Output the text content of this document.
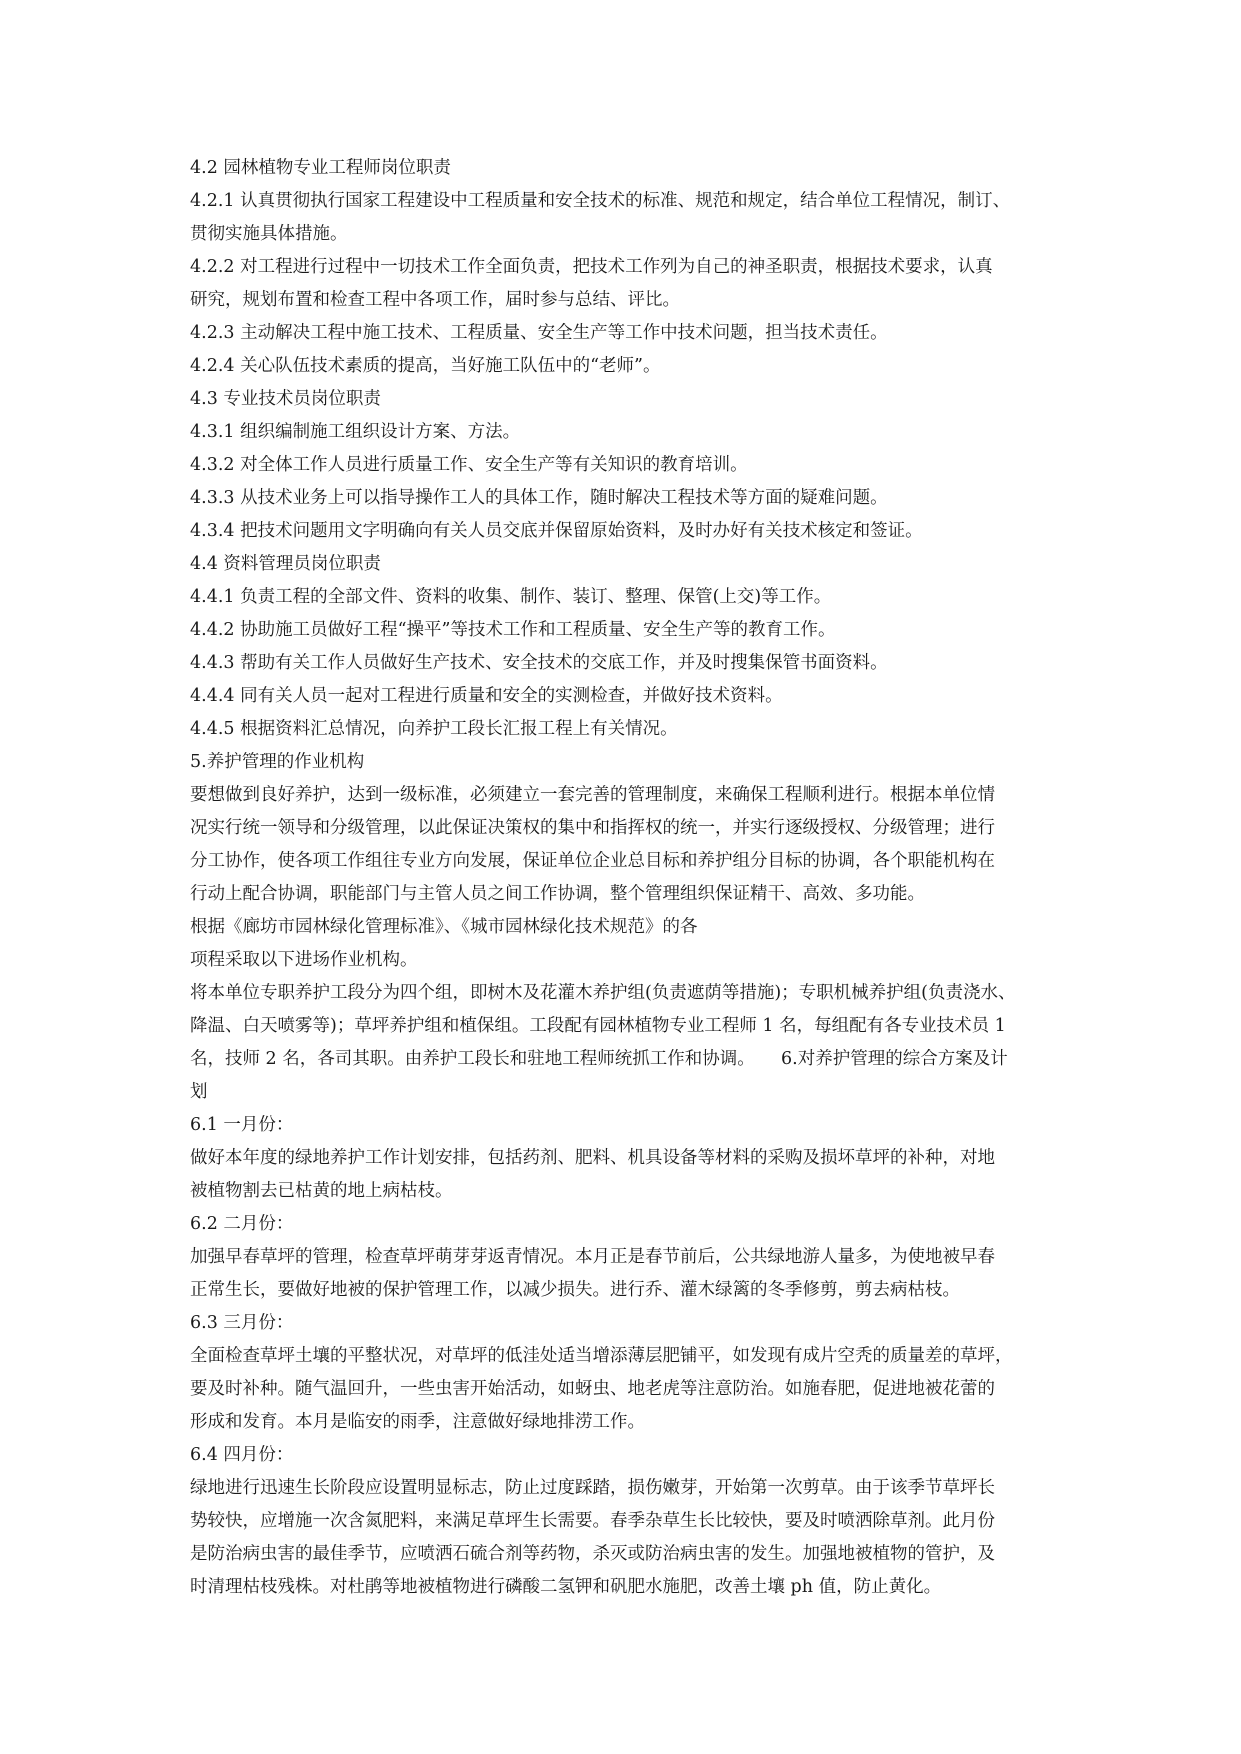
4.2 园林植物专业工程师岗位职责
4.2.1 认真贯彻执行国家工程建设中工程质量和安全技术的标准、规范和规定，结合单位工程情况，制订、
贯彻实施具体措施。
4.2.2 对工程进行过程中一切技术工作全面负责，把技术工作列为自己的神圣职责，根据技术要求，认真
研究，规划布置和检查工程中各项工作，届时参与总结、评比。
4.2.3 主动解决工程中施工技术、工程质量、安全生产等工作中技术问题，担当技术责任。
4.2.4 关心队伍技术素质的提高，当好施工队伍中的“老师”。
4.3 专业技术员岗位职责
4.3.1 组织编制施工组织设计方案、方法。
4.3.2 对全体工作人员进行质量工作、安全生产等有关知识的教育培训。
4.3.3 从技术业务上可以指导操作工人的具体工作，随时解决工程技术等方面的疑难问题。
4.3.4 把技术问题用文字明确向有关人员交底并保留原始资料，及时办好有关技术核定和签证。
4.4 资料管理员岗位职责
4.4.1 负责工程的全部文件、资料的收集、制作、装订、整理、保管(上交)等工作。
4.4.2 协助施工员做好工程“操平”等技术工作和工程质量、安全生产等的教育工作。
4.4.3 帮助有关工作人员做好生产技术、安全技术的交底工作，并及时搜集保管书面资料。
4.4.4 同有关人员一起对工程进行质量和安全的实测检查，并做好技术资料。
4.4.5 根据资料汇总情况，向养护工段长汇报工程上有关情况。
5.养护管理的作业机构
要想做到良好养护，达到一级标准，必须建立一套完善的管理制度，来确保工程顺利进行。根据本单位情
况实行统一领导和分级管理，以此保证决策权的集中和指挥权的统一，并实行逐级授权、分级管理；进行
分工协作，使各项工作组往专业方向发展，保证单位企业总目标和养护组分目标的协调，各个职能机构在
行动上配合协调，职能部门与主管人员之间工作协调，整个管理组织保证精干、高效、多功能。
根据《廊坊市园林绿化管理标准》、《城市园林绿化技术规范》的各
项程采取以下进场作业机构。
将本单位专职养护工段分为四个组，即树木及花灌木养护组(负责遮荫等措施)；专职机械养护组(负责浇水、
降温、白天喷雾等)；草坪养护组和植保组。工段配有园林植物专业工程师 1 名，每组配有各专业技术员 1
名，技师 2 名，各司其职。由养护工段长和驻地工程师统抓工作和协调。　　6.对养护管理的综合方案及计
划
6.1 一月份：
做好本年度的绿地养护工作计划安排，包括药剂、肥料、机具设备等材料的采购及损坏草坪的补种，对地
被植物割去已枯黄的地上病枯枝。
6.2 二月份：
加强早春草坪的管理，检查草坪萌芽芽返青情况。本月正是春节前后，公共绿地游人量多，为使地被早春
正常生长，要做好地被的保护管理工作，以减少损失。进行乔、灌木绿篱的冬季修剪，剪去病枯枝。
6.3 三月份：
全面检查草坪土壤的平整状况，对草坪的低洼处适当增添薄层肥铺平，如发现有成片空秃的质量差的草坪，
要及时补种。随气温回升，一些虫害开始活动，如蚜虫、地老虎等注意防治。如施春肥，促进地被花蕾的
形成和发育。本月是临安的雨季，注意做好绿地排涝工作。
6.4 四月份：
绿地进行迅速生长阶段应设置明显标志，防止过度踩踏，损伤嫩芽，开始第一次剪草。由于该季节草坪长
势较快，应增施一次含氮肥料，来满足草坪生长需要。春季杂草生长比较快，要及时喷洒除草剂。此月份
是防治病虫害的最佳季节，应喷洒石硫合剂等药物，杀灭或防治病虫害的发生。加强地被植物的管护，及
时清理枯枝残株。对杜鹃等地被植物进行磷酸二氢钾和矾肥水施肥，改善土壤 ph 值，防止黄化。
